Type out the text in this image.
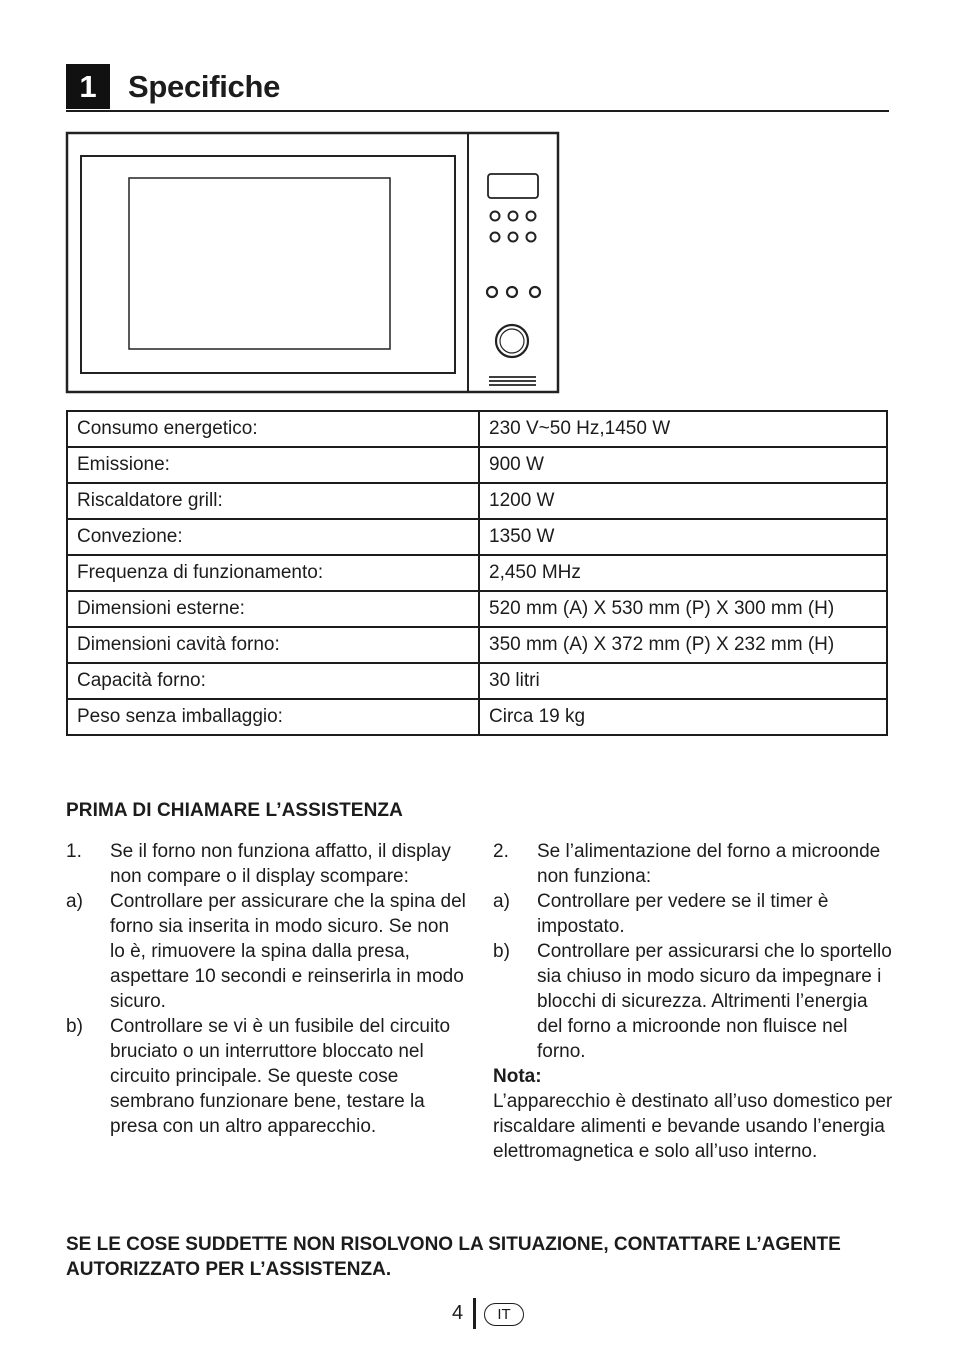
1	Specifiche
Consumo energetico:	230 V~50 Hz,1450 W
Emissione:	900 W
Riscaldatore grill:	1200 W
Convezione:	1350 W
Frequenza di funzionamento:	2,450 MHz
Dimensioni esterne:	520 mm (A) X 530 mm (P) X 300 mm (H)
Dimensioni cavità forno:	350 mm (A) X 372 mm (P) X 232 mm (H)
Capacità forno:	30 litri
Peso senza imballaggio:	Circa 19 kg
PRIMA DI CHIAMARE L’ASSISTENZA
1. Se il forno non funziona affatto, il display non compare o il display scompare:
a) Controllare per assicurare che la spina del forno sia inserita in modo sicuro. Se non lo è, rimuovere la spina dalla presa, aspettare 10 secondi e reinserirla in modo sicuro.
b) Controllare se vi è un fusibile del circuito bruciato o un interruttore bloccato nel circuito principale. Se queste cose sembrano funzionare bene, testare la presa con un altro apparecchio.
2. Se l’alimentazione del forno a microonde non funziona:
a) Controllare per vedere se il timer è impostato.
b) Controllare per assicurarsi che lo sportello sia chiuso in modo sicuro da impegnare i blocchi di sicurezza. Altrimenti l’energia del forno a microonde non fluisce nel forno.
Nota:
L’apparecchio è destinato all’uso domestico per riscaldare alimenti e bevande usando l’energia elettromagnetica e solo all’uso interno.
SE LE COSE SUDDETTE NON RISOLVONO LA SITUAZIONE, CONTATTARE L’AGENTE AUTORIZZATO PER L’ASSISTENZA.
4	IT
